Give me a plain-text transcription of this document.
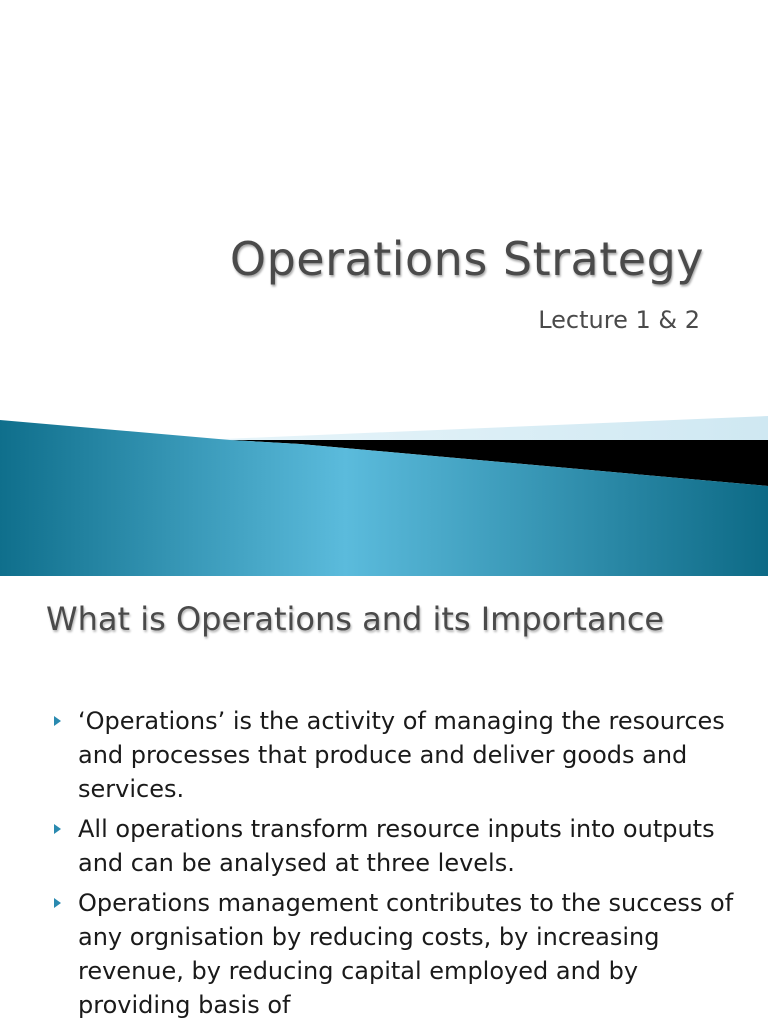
Operations Strategy
Lecture 1 & 2
What is Operations and its Importance
‘Operations’ is the activity of managing the resources and processes that produce and deliver goods and services.
All operations transform resource inputs into outputs and can be analysed at three levels.
Operations management contributes to the success of any orgnisation by reducing costs, by increasing revenue, by reducing capital employed and by providing basis of
